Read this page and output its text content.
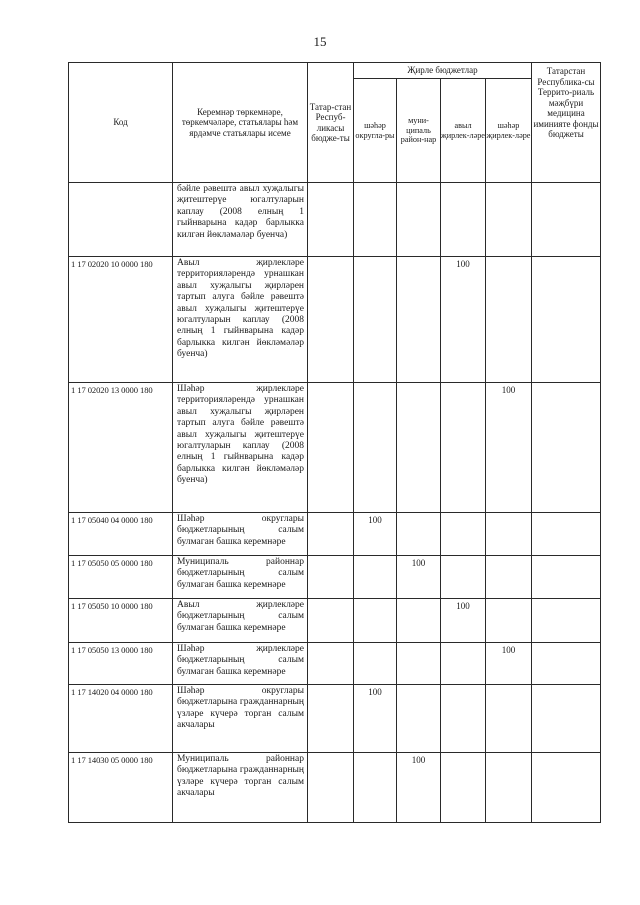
15
Код	Керемнәр төркемнәре, төркемчәләре, статьялары һәм ярдәмче статьялары исеме	Татар-стан Респуб-ликасы бюдже-ты	Җирле бюджетлар				Татарстан Республика-сы Террито-риаль мәҗбүри медицина иминияте фонды бюджеты
			шәһәр округла-ры	муни-ципаль район-нар	авыл җирлек-ләре	шәһәр җирлек-ләре	
	бәйле рәвештә авыл хуҗалыгы җитештерүе югалтуларын каплау (2008 елның 1 гыйнварына кадәр барлыкка килгән йөкләмәләр буенча)						
1 17 02020 10 0000 180	Авыл җирлекләре территорияләрендә урнашкан авыл хуҗалыгы җирләрен тартып алуга бәйле рәвештә авыл хуҗалыгы җитештерүе югалтуларын каплау (2008 елның 1 гыйнварына кадәр барлыкка килгән йөкләмәләр буенча)				100		
1 17 02020 13 0000 180	Шәһәр җирлекләре территорияләрендә урнашкан авыл хуҗалыгы җирләрен тартып алуга бәйле рәвештә авыл хуҗалыгы җитештерүе югалтуларын каплау (2008 елның 1 гыйнварына кадәр барлыкка килгән йөкләмәләр буенча)					100	
1 17 05040 04 0000 180	Шәһәр округлары бюджетларының салым булмаган башка керемнәре		100				
1 17 05050 05 0000 180	Муниципаль районнар бюджетларының салым булмаган башка керемнәре			100			
1 17 05050 10 0000 180	Авыл җирлекләре бюджетларының салым булмаган башка керемнәре				100		
1 17 05050 13 0000 180	Шәһәр җирлекләре бюджетларының салым булмаган башка керемнәре					100	
1 17 14020 04 0000 180	Шәһәр округлары бюджетларына гражданнарның үзләре күчерә торган салым акчалары		100				
1 17 14030 05 0000 180	Муниципаль районнар бюджетларына гражданнарның үзләре күчерә торган салым акчалары			100			
